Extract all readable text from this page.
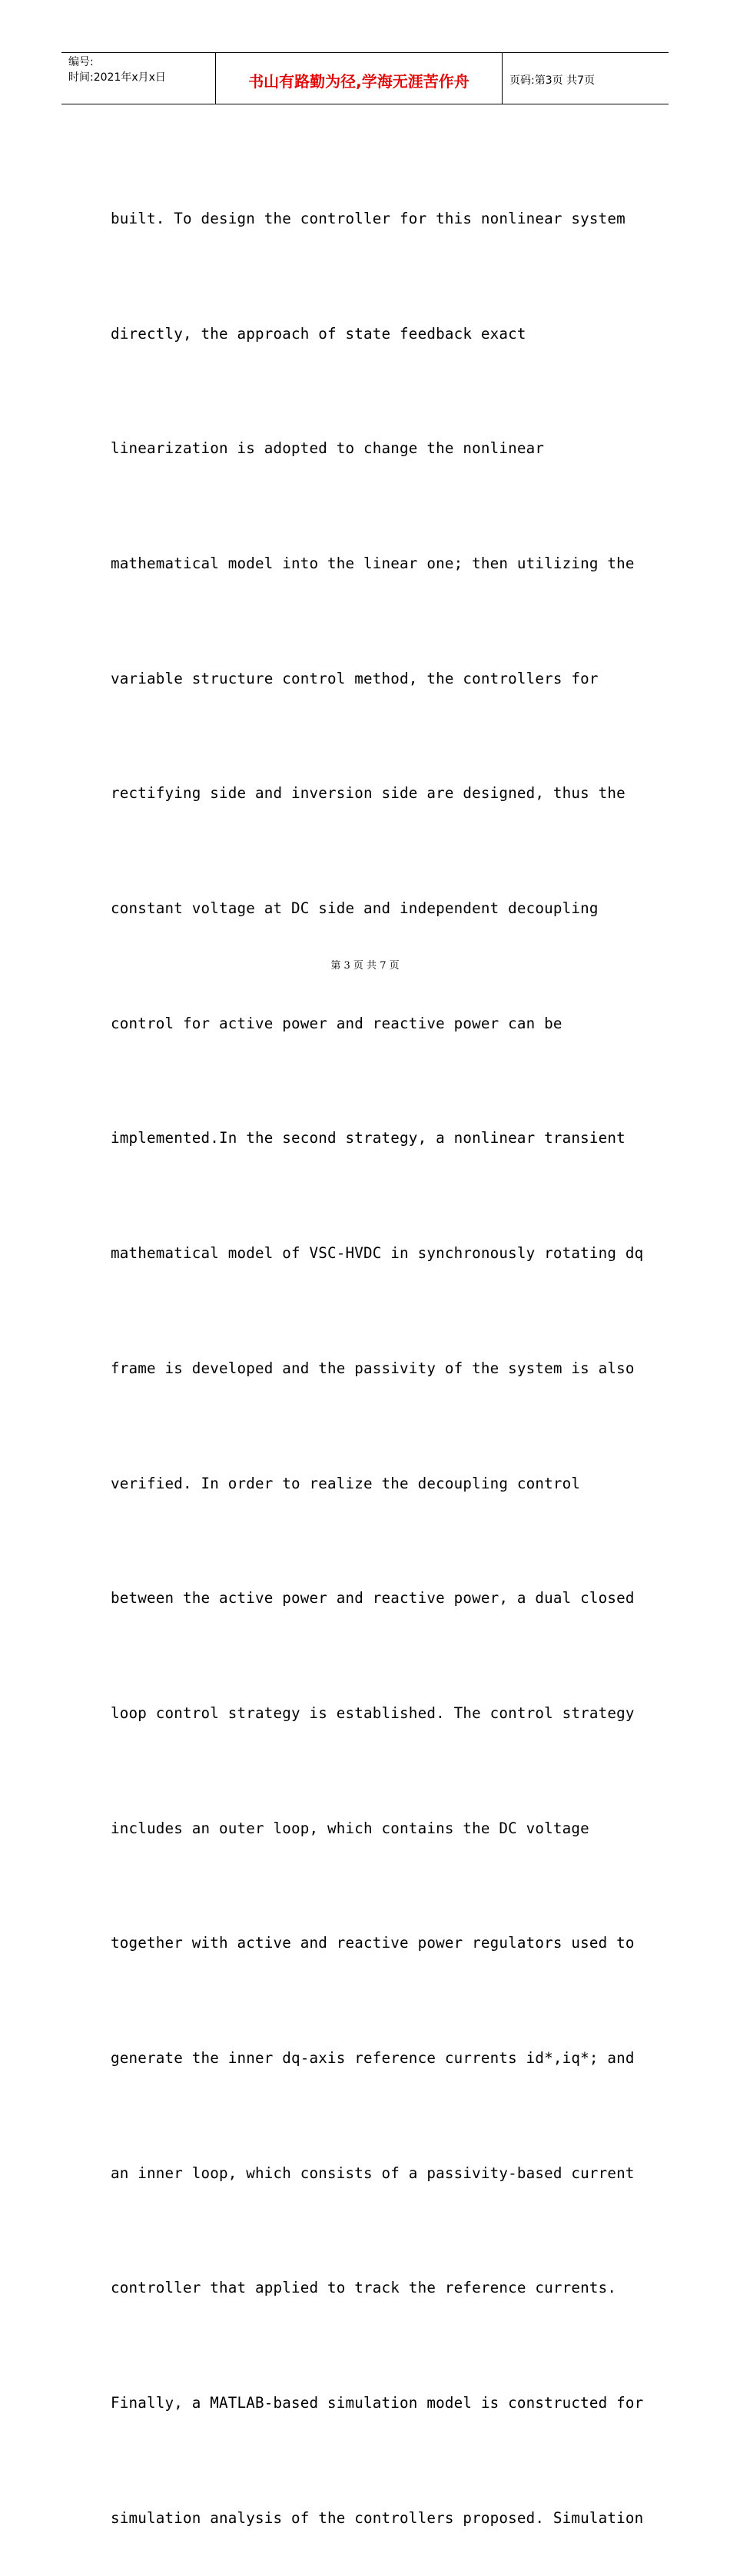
编号:
时间:2021年x月x日	书山有路勤为径,学海无涯苦作舟	页码:第3页 共7页

built. To design the controller for this nonlinear system

directly, the approach of state feedback exact

linearization is adopted to change the nonlinear

mathematical model into the linear one; then utilizing the

variable structure control method, the controllers for

rectifying side and inversion side are designed, thus the

constant voltage at DC side and independent decoupling

control for active power and reactive power can be

implemented.In the second strategy, a nonlinear transient

mathematical model of VSC-HVDC in synchronously rotating dq

frame is developed and the passivity of the system is also

verified. In order to realize the decoupling control

between the active power and reactive power, a dual closed

loop control strategy is established. The control strategy

includes an outer loop, which contains the DC voltage

together with active and reactive power regulators used to

generate the inner dq-axis reference currents id*,iq*; and

an inner loop, which consists of a passivity-based current

controller that applied to track the reference currents.

Finally, a MATLAB-based simulation model is constructed for

simulation analysis of the controllers proposed. Simulation

第 3 页 共 7 页
